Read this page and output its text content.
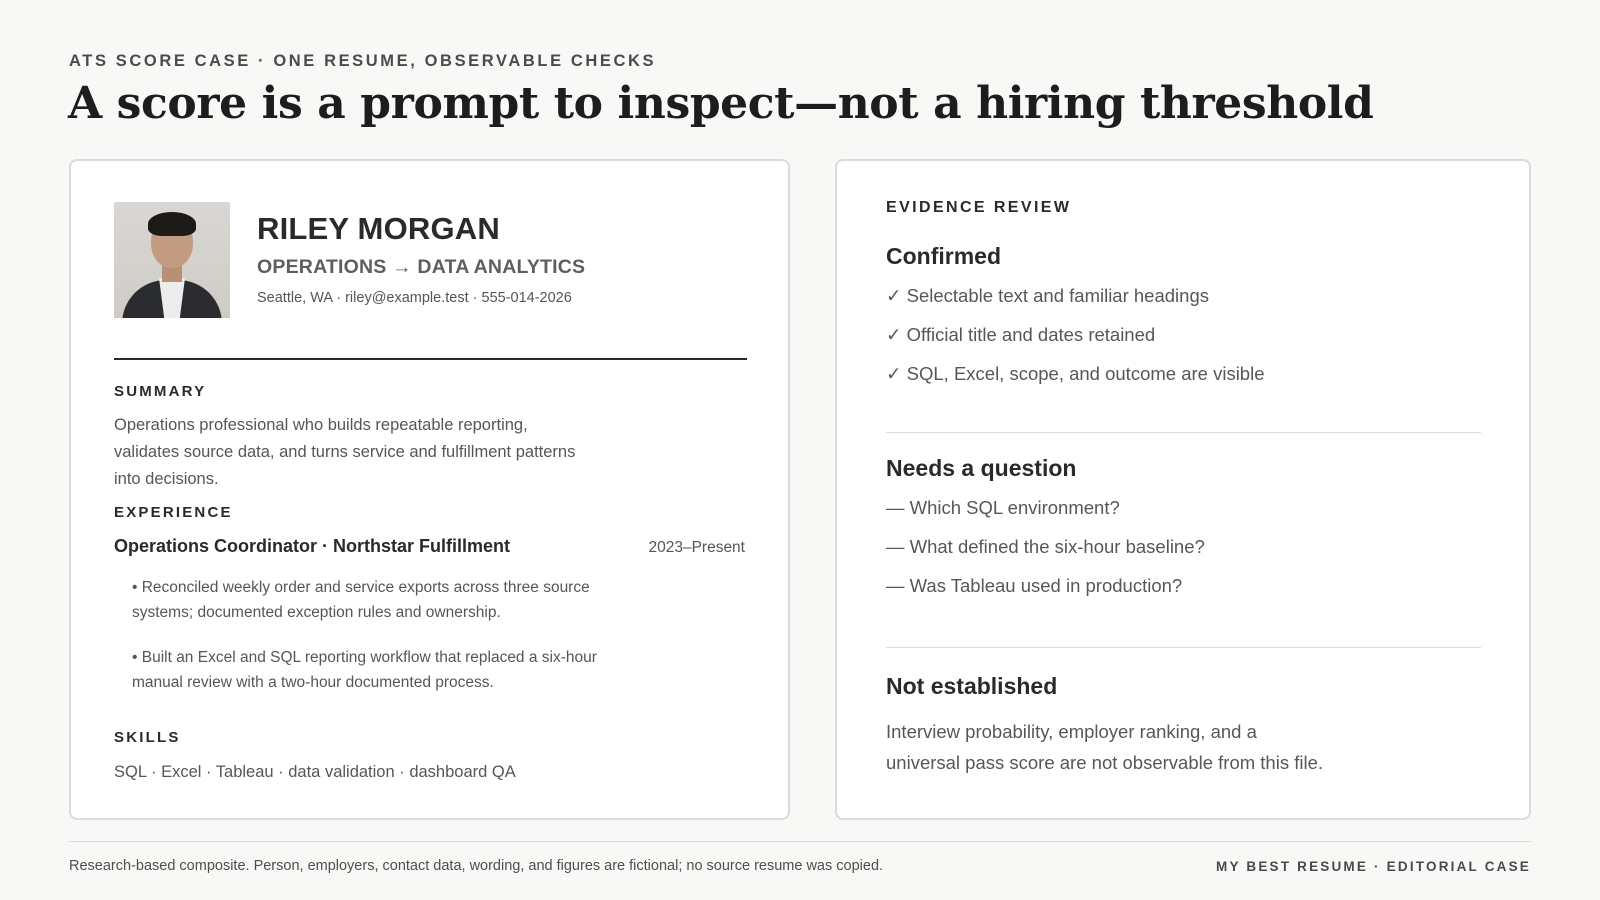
ATS SCORE CASE · ONE RESUME, OBSERVABLE CHECKS
A score is a prompt to inspect—not a hiring threshold
RILEY MORGAN
OPERATIONS → DATA ANALYTICS
Seattle, WA · riley@example.test · 555-014-2026
SUMMARY

Operations professional who builds repeatable reporting, validates source data, and turns service and fulfillment patterns into decisions.

EXPERIENCE
Operations Coordinator · Northstar Fulfillment	2023–Present

• Reconciled weekly order and service exports across three source systems; documented exception rules and ownership.

• Built an Excel and SQL reporting workflow that replaced a six-hour manual review with a two-hour documented process.

SKILLS
SQL · Excel · Tableau · data validation · dashboard QA
EVIDENCE REVIEW
Confirmed
✓ Selectable text and familiar headings
✓ Official title and dates retained
✓ SQL, Excel, scope, and outcome are visible
Needs a question
— Which SQL environment?
— What defined the six-hour baseline?
— Was Tableau used in production?
Not established

Interview probability, employer ranking, and a universal pass score are not observable from this file.

Research-based composite. Person, employers, contact data, wording, and figures are fictional; no source resume was copied.	MY BEST RESUME · EDITORIAL CASE
